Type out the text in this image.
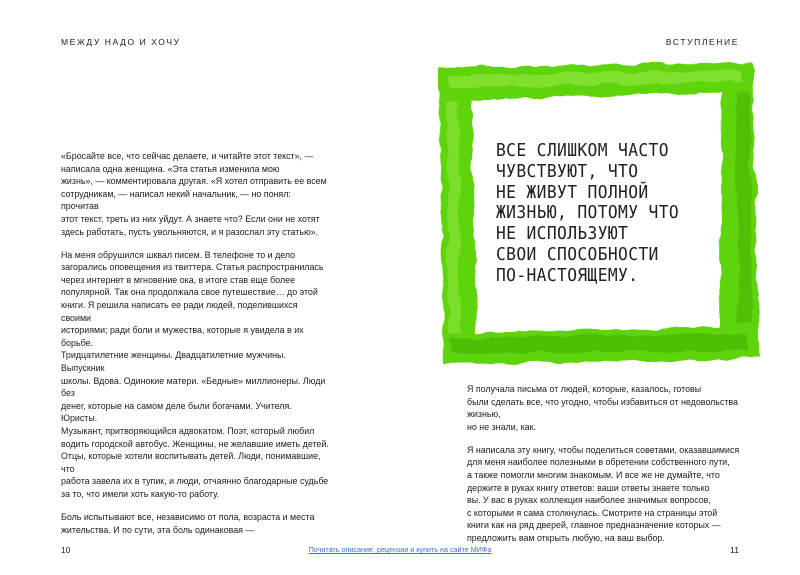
МЕЖДУ НАДО И ХОЧУ	ВСТУПЛЕНИЕ

«Бросайте все, что сейчас делаете, и читайте этот текст», —
написала одна женщина. «Эта статья изменила мою
жизнь», — комментировала другая. «Я хотел отправить ее всем
сотрудникам, — написал некий начальник, — но понял: прочитав
этот текст, треть из них уйдут. А знаете что? Если они не хотят
здесь работать, пусть увольняются, и я разослал эту статью».

На меня обрушился шквал писем. В телефоне то и дело
загорались оповещения из твиттера. Статья распространилась
через интернет в мгновение ока, в итоге став еще более
популярной. Так она продолжала свое путешествие… до этой
книги. Я решила написать ее ради людей, поделившихся своими
историями; ради боли и мужества, которые я увидела в их борьбе.
Тридцатилетние женщины. Двадцатилетние мужчины. Выпускник
школы. Вдова. Одинокие матери. «Бедные» миллионеры. Люди без
денег, которые на самом деле были богачами. Учителя. Юристы.
Музыкант, притворяющийся адвокатом. Поэт, который любил
водить городской автобус. Женщины, не желавшие иметь детей.
Отцы, которые хотели воспитывать детей. Люди, понимавшие, что
работа завела их в тупик, и люди, отчаянно благодарные судьбе
за то, что имели хоть какую-то работу.

Боль испытывают все, независимо от пола, возраста и места
жительства. И по сути, эта боль одинаковая —

ВСЕ СЛИШКОМ ЧАСТО
ЧУВСТВУЮТ, ЧТО
НЕ ЖИВУТ ПОЛНОЙ
ЖИЗНЬЮ, ПОТОМУ ЧТО
НЕ ИСПОЛЬЗУЮТ
СВОИ СПОСОБНОСТИ
ПО-НАСТОЯЩЕМУ.

Я получала письма от людей, которые, казалось, готовы
были сделать все, что угодно, чтобы избавиться от недовольства жизнью,
но не знали, как.

Я написала эту книгу, чтобы поделиться советами, оказавшимися
для меня наиболее полезными в обретении собственного пути,
а также помогли многим знакомым. И все же не думайте, что
держите в руках книгу ответов: ваши ответы знаете только
вы. У вас в руках коллекция наиболее значимых вопросов,
с которыми я сама столкнулась. Смотрите на страницы этой
книги как на ряд дверей, главное предназначение которых —
предложить вам открыть любую, на ваш выбор.

10	Почитать описание, рецензии и купить на сайте МИФа	11
